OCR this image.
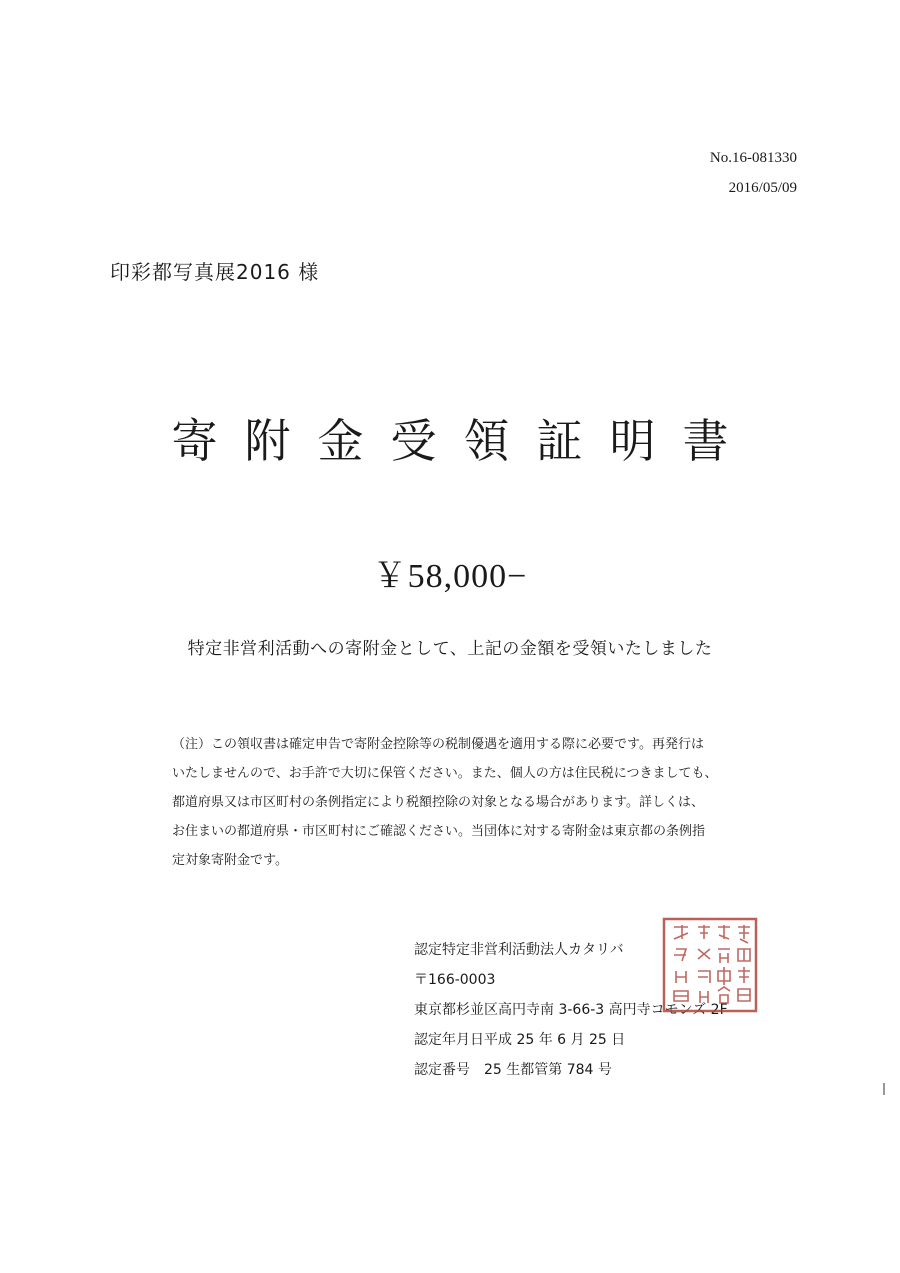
No.16-081330
2016/05/09
印彩都写真展2016 様
寄附金受領証明書
￥58,000−
特定非営利活動への寄附金として、上記の金額を受領いたしました
（注）この領収書は確定申告で寄附金控除等の税制優遇を適用する際に必要です。再発行は
いたしませんので、お手許で大切に保管ください。また、個人の方は住民税につきましても、
都道府県又は市区町村の条例指定により税額控除の対象となる場合があります。詳しくは、
お住まいの都道府県・市区町村にご確認ください。当団体に対する寄附金は東京都の条例指
定対象寄附金です。
認定特定非営利活動法人カタリバ
〒166-0003
東京都杉並区高円寺南 3-66-3 高円寺コモンズ 2F
認定年月日平成 25 年 6 月 25 日
認定番号　25 生都管第 784 号
